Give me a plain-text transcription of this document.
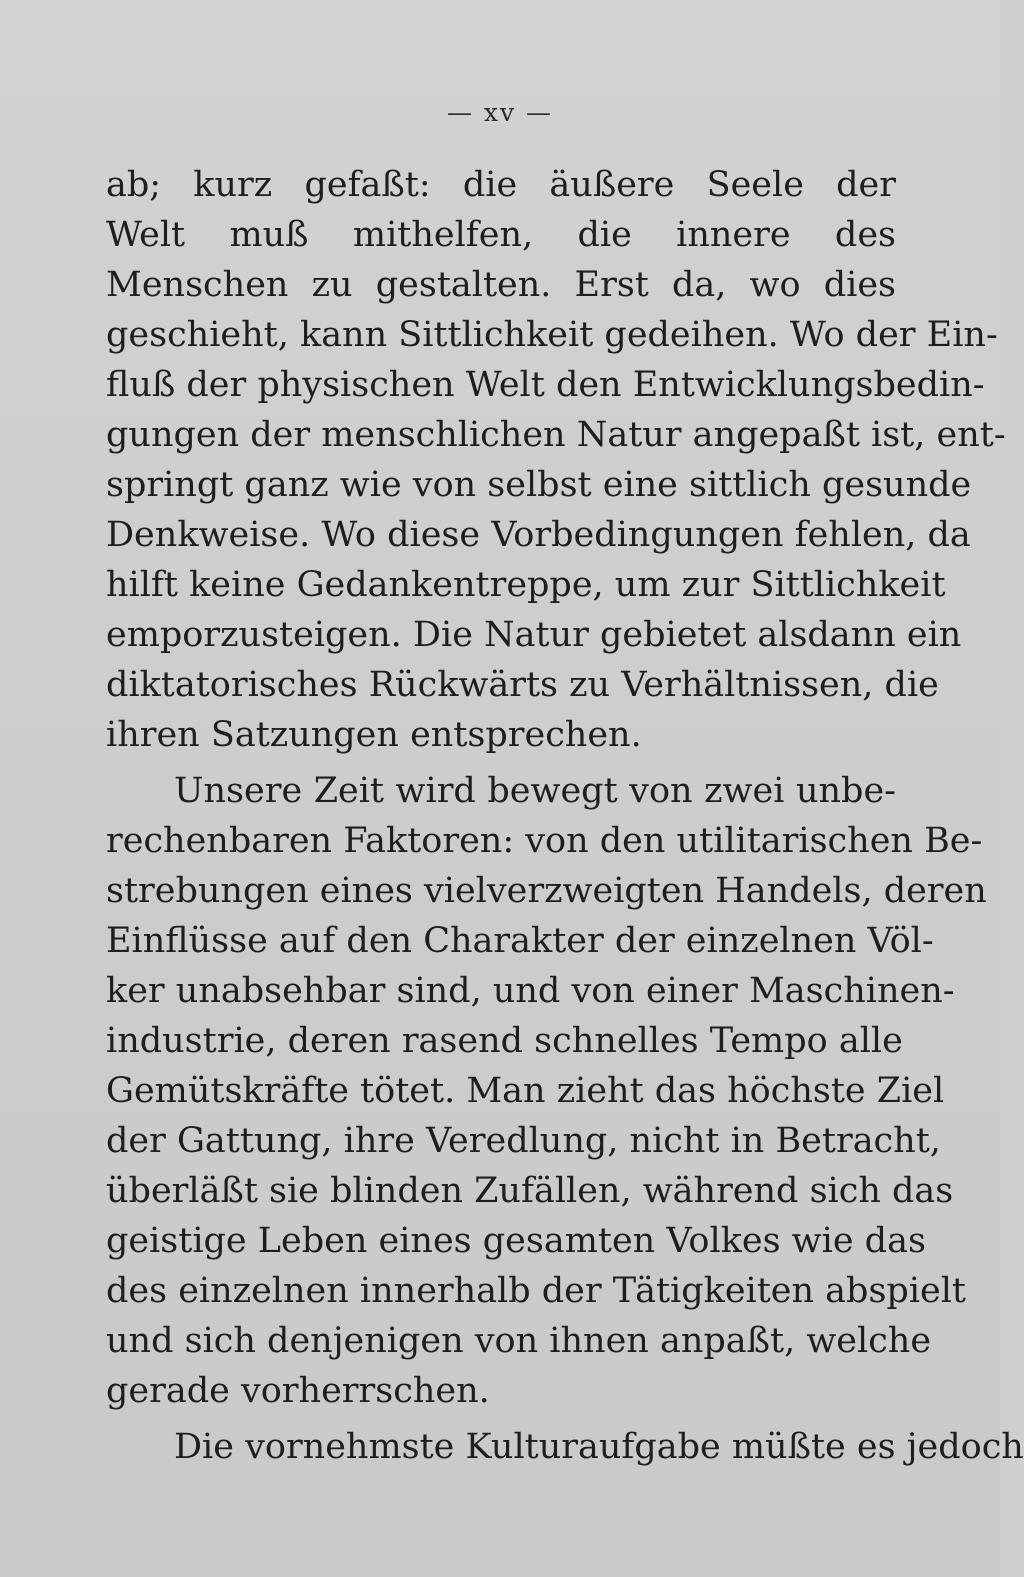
— xv —
ab; kurz gefaßt: die äußere Seele der
Welt muß mithelfen, die innere des
Menschen zu gestalten. Erst da, wo dies
geschieht, kann Sittlichkeit gedeihen. Wo der Ein-
fluß der physischen Welt den Entwicklungsbedin-
gungen der menschlichen Natur angepaßt ist, ent-
springt ganz wie von selbst eine sittlich gesunde
Denkweise. Wo diese Vorbedingungen fehlen, da
hilft keine Gedankentreppe, um zur Sittlichkeit
emporzusteigen. Die Natur gebietet alsdann ein
diktatorisches Rückwärts zu Verhältnissen, die
ihren Satzungen entsprechen.
Unsere Zeit wird bewegt von zwei unbe-
rechenbaren Faktoren: von den utilitarischen Be-
strebungen eines vielverzweigten Handels, deren
Einflüsse auf den Charakter der einzelnen Völ-
ker unabsehbar sind, und von einer Maschinen-
industrie, deren rasend schnelles Tempo alle
Gemütskräfte tötet. Man zieht das höchste Ziel
der Gattung, ihre Veredlung, nicht in Betracht,
überläßt sie blinden Zufällen, während sich das
geistige Leben eines gesamten Volkes wie das
des einzelnen innerhalb der Tätigkeiten abspielt
und sich denjenigen von ihnen anpaßt, welche
gerade vorherrschen.
Die vornehmste Kulturaufgabe müßte es jedoch
